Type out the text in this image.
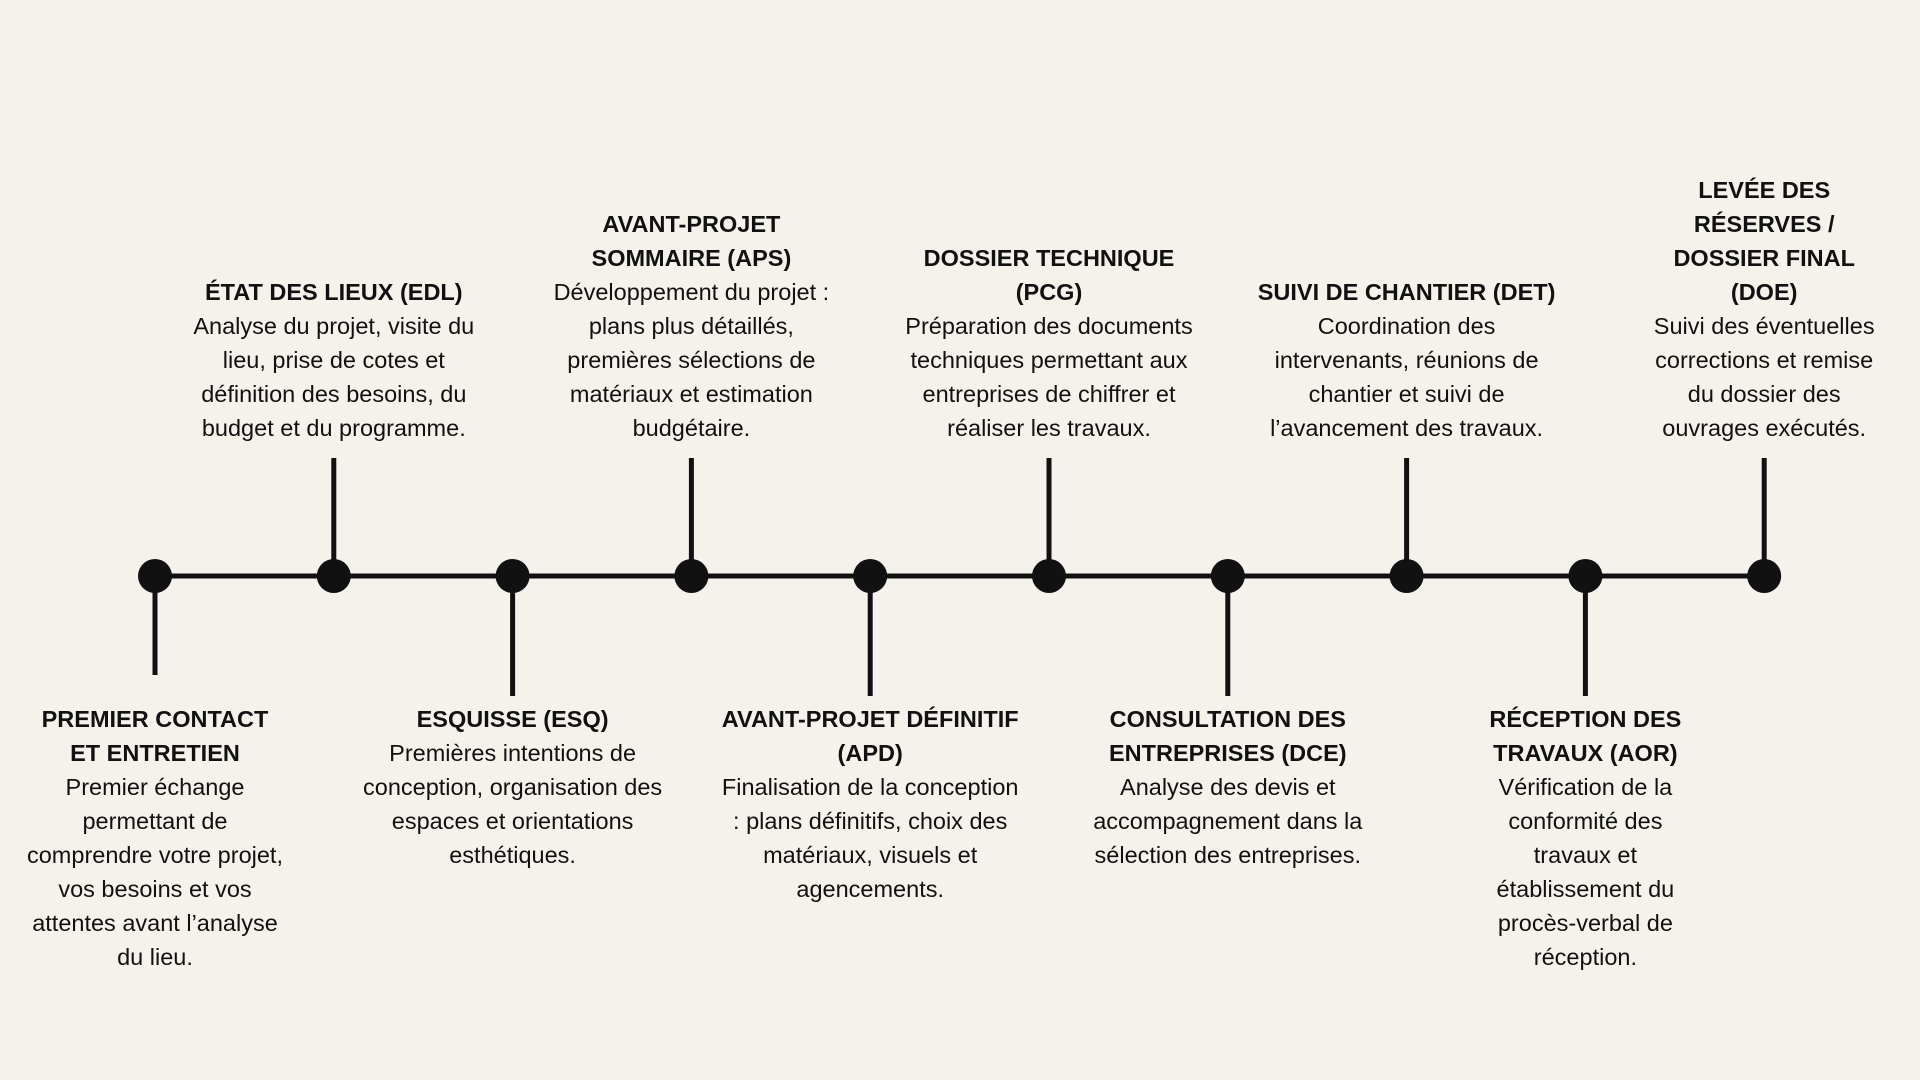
PREMIER CONTACT ET ENTRETIEN
Premier échange permettant de comprendre votre projet, vos besoins et vos attentes avant l’analyse du lieu.
ÉTAT DES LIEUX (EDL)
Analyse du projet, visite du lieu, prise de cotes et définition des besoins, du budget et du programme.
ESQUISSE (ESQ)
Premières intentions de conception, organisation des espaces et orientations esthétiques.
AVANT-PROJET SOMMAIRE (APS)
Développement du projet : plans plus détaillés, premières sélections de matériaux et estimation budgétaire.
AVANT-PROJET DÉFINITIF (APD)
Finalisation de la conception : plans définitifs, choix des matériaux, visuels et agencements.
DOSSIER TECHNIQUE (PCG)
Préparation des documents techniques permettant aux entreprises de chiffrer et réaliser les travaux.
CONSULTATION DES ENTREPRISES (DCE)
Analyse des devis et accompagnement dans la sélection des entreprises.
SUIVI DE CHANTIER (DET)
Coordination des intervenants, réunions de chantier et suivi de l’avancement des travaux.
RÉCEPTION DES TRAVAUX (AOR)
Vérification de la conformité des travaux et établissement du procès-verbal de réception.
LEVÉE DES RÉSERVES / DOSSIER FINAL (DOE)
Suivi des éventuelles corrections et remise du dossier des ouvrages exécutés.
